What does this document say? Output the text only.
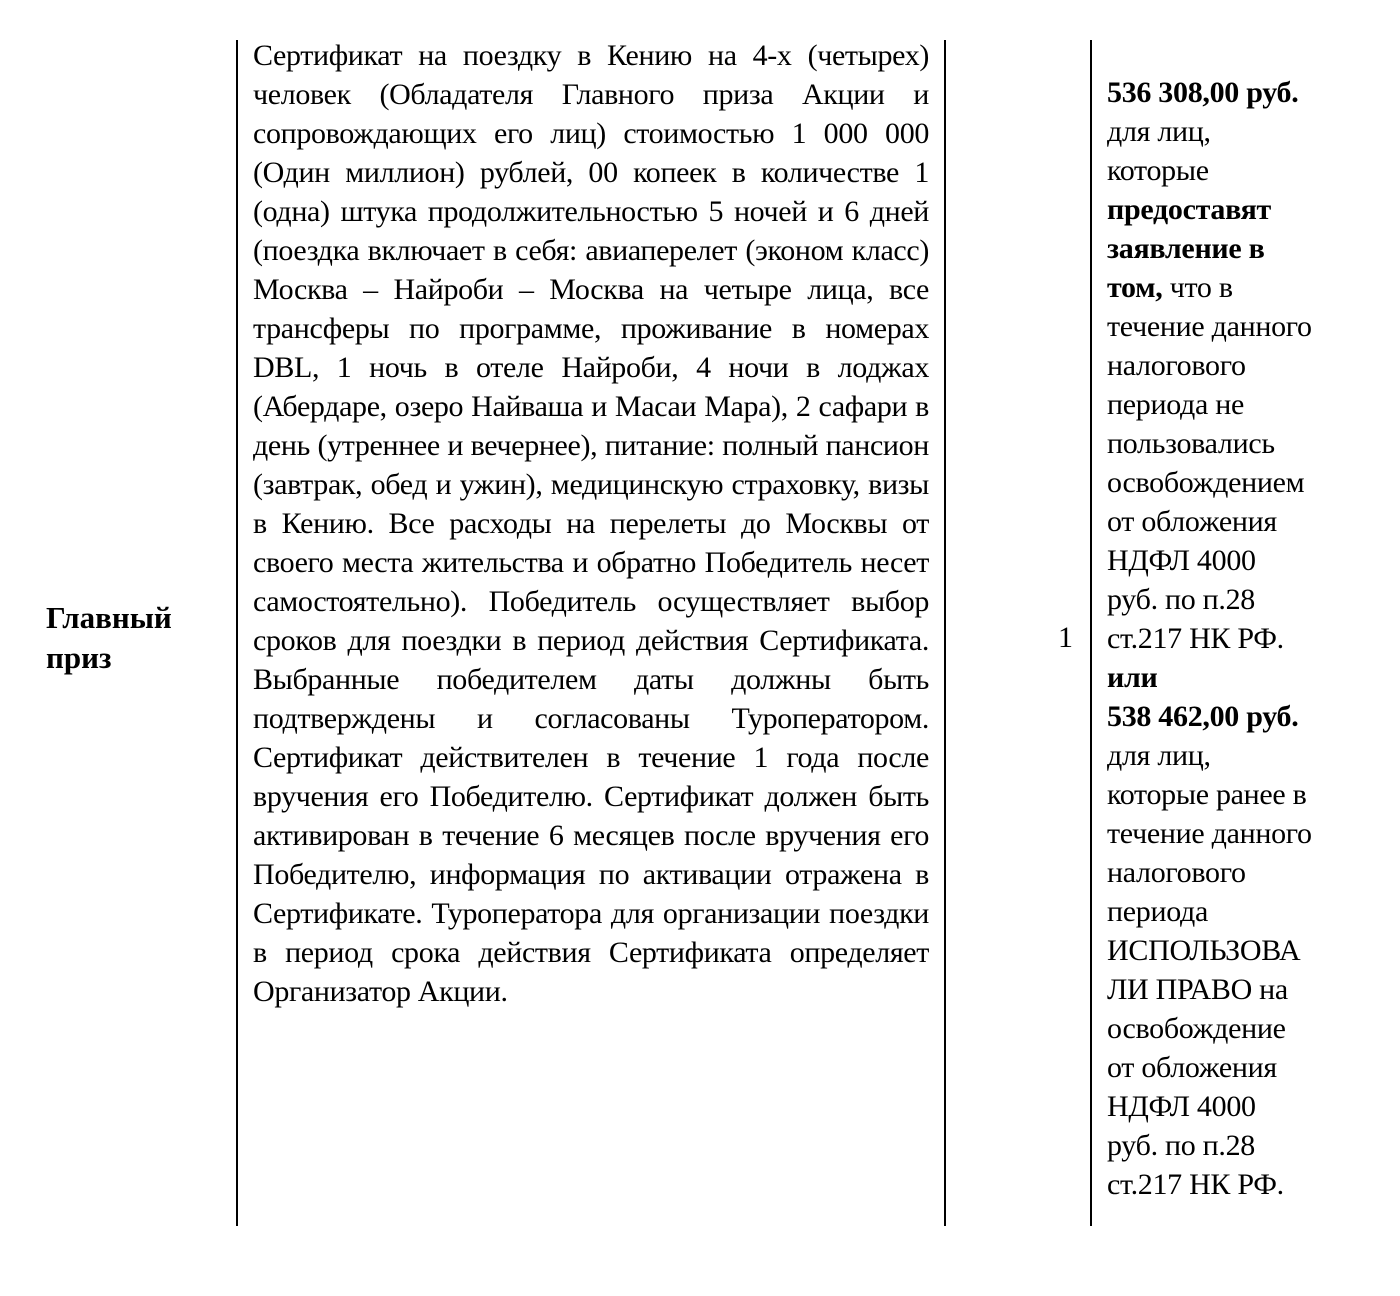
Главный приз

Сертификат на поездку в Кению на 4-х (четырех) человек (Обладателя Главного приза Акции и сопровождающих его лиц) стоимостью 1 000 000 (Один миллион) рублей, 00 копеек в количестве 1 (одна) штука продолжительностью 5 ночей и 6 дней (поездка включает в себя: авиаперелет (эконом класс) Москва – Найроби – Москва на четыре лица, все трансферы по программе, проживание в номерах DBL, 1 ночь в отеле Найроби, 4 ночи в лоджах (Абердаре, озеро Найваша и Масаи Мара), 2 сафари в день (утреннее и вечернее), питание: полный пансион (завтрак, обед и ужин), медицинскую страховку, визы в Кению. Все расходы на перелеты до Москвы от своего места жительства и обратно Победитель несет самостоятельно). Победитель осуществляет выбор сроков для поездки в период действия Сертификата. Выбранные победителем даты должны быть подтверждены и согласованы Туроператором. Сертификат действителен в течение 1 года после вручения его Победителю. Сертификат должен быть активирован в течение 6 месяцев после вручения его Победителю, информация по активации отражена в Сертификате. Туроператора для организации поездки в период срока действия Сертификата определяет Организатор Акции.

1
536 308,00 руб.
для лиц,
которые
предоставят
заявление в
том, что в
течение данного
налогового
периода не
пользовались
освобождением
от обложения
НДФЛ 4000
руб. по п.28
ст.217 НК РФ.
или
538 462,00 руб.
для лиц,
которые ранее в
течение данного
налогового
периода
ИСПОЛЬЗОВА
ЛИ ПРАВО на
освобождение
от обложения
НДФЛ 4000
руб. по п.28
ст.217 НК РФ.
